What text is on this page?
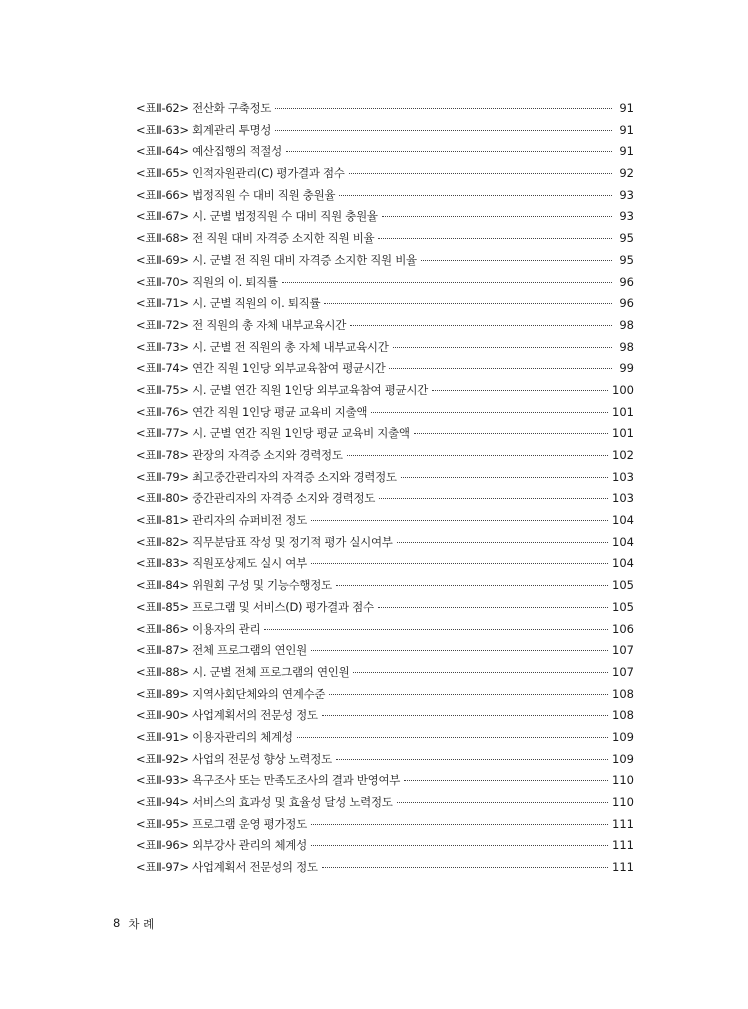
<표Ⅱ-62> 전산화 구축정도	91
<표Ⅱ-63> 회계관리 투명성	91
<표Ⅱ-64> 예산집행의 적절성	91
<표Ⅱ-65> 인적자원관리(C) 평가결과 점수	92
<표Ⅱ-66> 법정직원 수 대비 직원 충원율	93
<표Ⅱ-67> 시. 군별 법정직원 수 대비 직원 충원율	93
<표Ⅱ-68> 전 직원 대비 자격증 소지한 직원 비율	95
<표Ⅱ-69> 시. 군별 전 직원 대비 자격증 소지한 직원 비율	95
<표Ⅱ-70> 직원의 이. 퇴직률	96
<표Ⅱ-71> 시. 군별 직원의 이. 퇴직률	96
<표Ⅱ-72> 전 직원의 총 자체 내부교육시간	98
<표Ⅱ-73> 시. 군별 전 직원의 총 자체 내부교육시간	98
<표Ⅱ-74> 연간 직원 1인당 외부교육참여 평균시간	99
<표Ⅱ-75> 시. 군별 연간 직원 1인당 외부교육참여 평균시간	100
<표Ⅱ-76> 연간 직원 1인당 평균 교육비 지출액	101
<표Ⅱ-77> 시. 군별 연간 직원 1인당 평균 교육비 지출액	101
<표Ⅱ-78> 관장의 자격증 소지와 경력정도	102
<표Ⅱ-79> 최고중간관리자의 자격증 소지와 경력정도	103
<표Ⅱ-80> 중간관리자의 자격증 소지와 경력정도	103
<표Ⅱ-81> 관리자의 슈퍼비전 정도	104
<표Ⅱ-82> 직무분담표 작성 및 정기적 평가 실시여부	104
<표Ⅱ-83> 직원포상제도 실시 여부	104
<표Ⅱ-84> 위원회 구성 및 기능수행정도	105
<표Ⅱ-85> 프로그램 및 서비스(D) 평가결과 점수	105
<표Ⅱ-86> 이용자의 관리	106
<표Ⅱ-87> 전체 프로그램의 연인원	107
<표Ⅱ-88> 시. 군별 전체 프로그램의 연인원	107
<표Ⅱ-89> 지역사회단체와의 연계수준	108
<표Ⅱ-90> 사업계획서의 전문성 정도	108
<표Ⅱ-91> 이용자관리의 체계성	109
<표Ⅱ-92> 사업의 전문성 향상 노력정도	109
<표Ⅱ-93> 욕구조사 또는 만족도조사의 결과 반영여부	110
<표Ⅱ-94> 서비스의 효과성 및 효율성 달성 노력정도	110
<표Ⅱ-95> 프로그램 운영 평가정도	111
<표Ⅱ-96> 외부강사 관리의 체계성	111
<표Ⅱ-97> 사업계획서 전문성의 정도	111
8 차 례
